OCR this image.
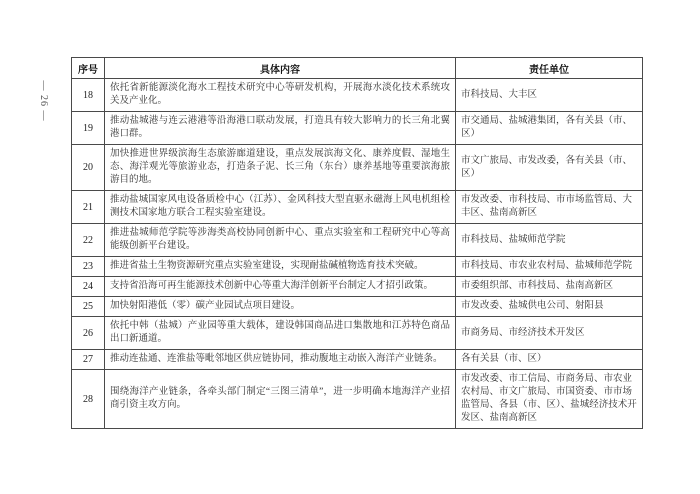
— 26 —
序号	具体内容	责任单位
18	依托省新能源淡化海水工程技术研究中心等研发机构，开展海水淡化技术系统攻关及产业化。	市科技局、大丰区
19	推动盐城港与连云港港等沿海港口联动发展，打造具有较大影响力的长三角北翼港口群。	市交通局、盐城港集团，各有关县（市、区）
20	加快推进世界级滨海生态旅游廊道建设，重点发展滨海文化、康养度假、湿地生态、海洋观光等旅游业态，打造条子泥、长三角（东台）康养基地等重要滨海旅游目的地。	市文广旅局、市发改委，各有关县（市、区）
21	推动盐城国家风电设备质检中心（江苏）、金风科技大型直驱永磁海上风电机组检测技术国家地方联合工程实验室建设。	市发改委、市科技局、市市场监管局、大丰区、盐南高新区
22	推进盐城师范学院等涉海类高校协同创新中心、重点实验室和工程研究中心等高能级创新平台建设。	市科技局、盐城师范学院
23	推进省盐土生物资源研究重点实验室建设，实现耐盐碱植物选育技术突破。	市科技局、市农业农村局、盐城师范学院
24	支持省沿海可再生能源技术创新中心等重大海洋创新平台制定人才招引政策。	市委组织部、市科技局、盐南高新区
25	加快射阳港低（零）碳产业园试点项目建设。	市发改委、盐城供电公司、射阳县
26	依托中韩（盐城）产业园等重大载体，建设韩国商品进口集散地和江苏特色商品出口新通道。	市商务局、市经济技术开发区
27	推动连盐通、连淮盐等毗邻地区供应链协同，推动腹地主动嵌入海洋产业链条。	各有关县（市、区）
28	围绕海洋产业链条，各牵头部门制定“三图三清单”，进一步明确本地海洋产业招商引资主攻方向。	市发改委、市工信局、市商务局、市农业农村局、市文广旅局、市国资委、市市场监管局、各县（市、区）、盐城经济技术开发区、盐南高新区
